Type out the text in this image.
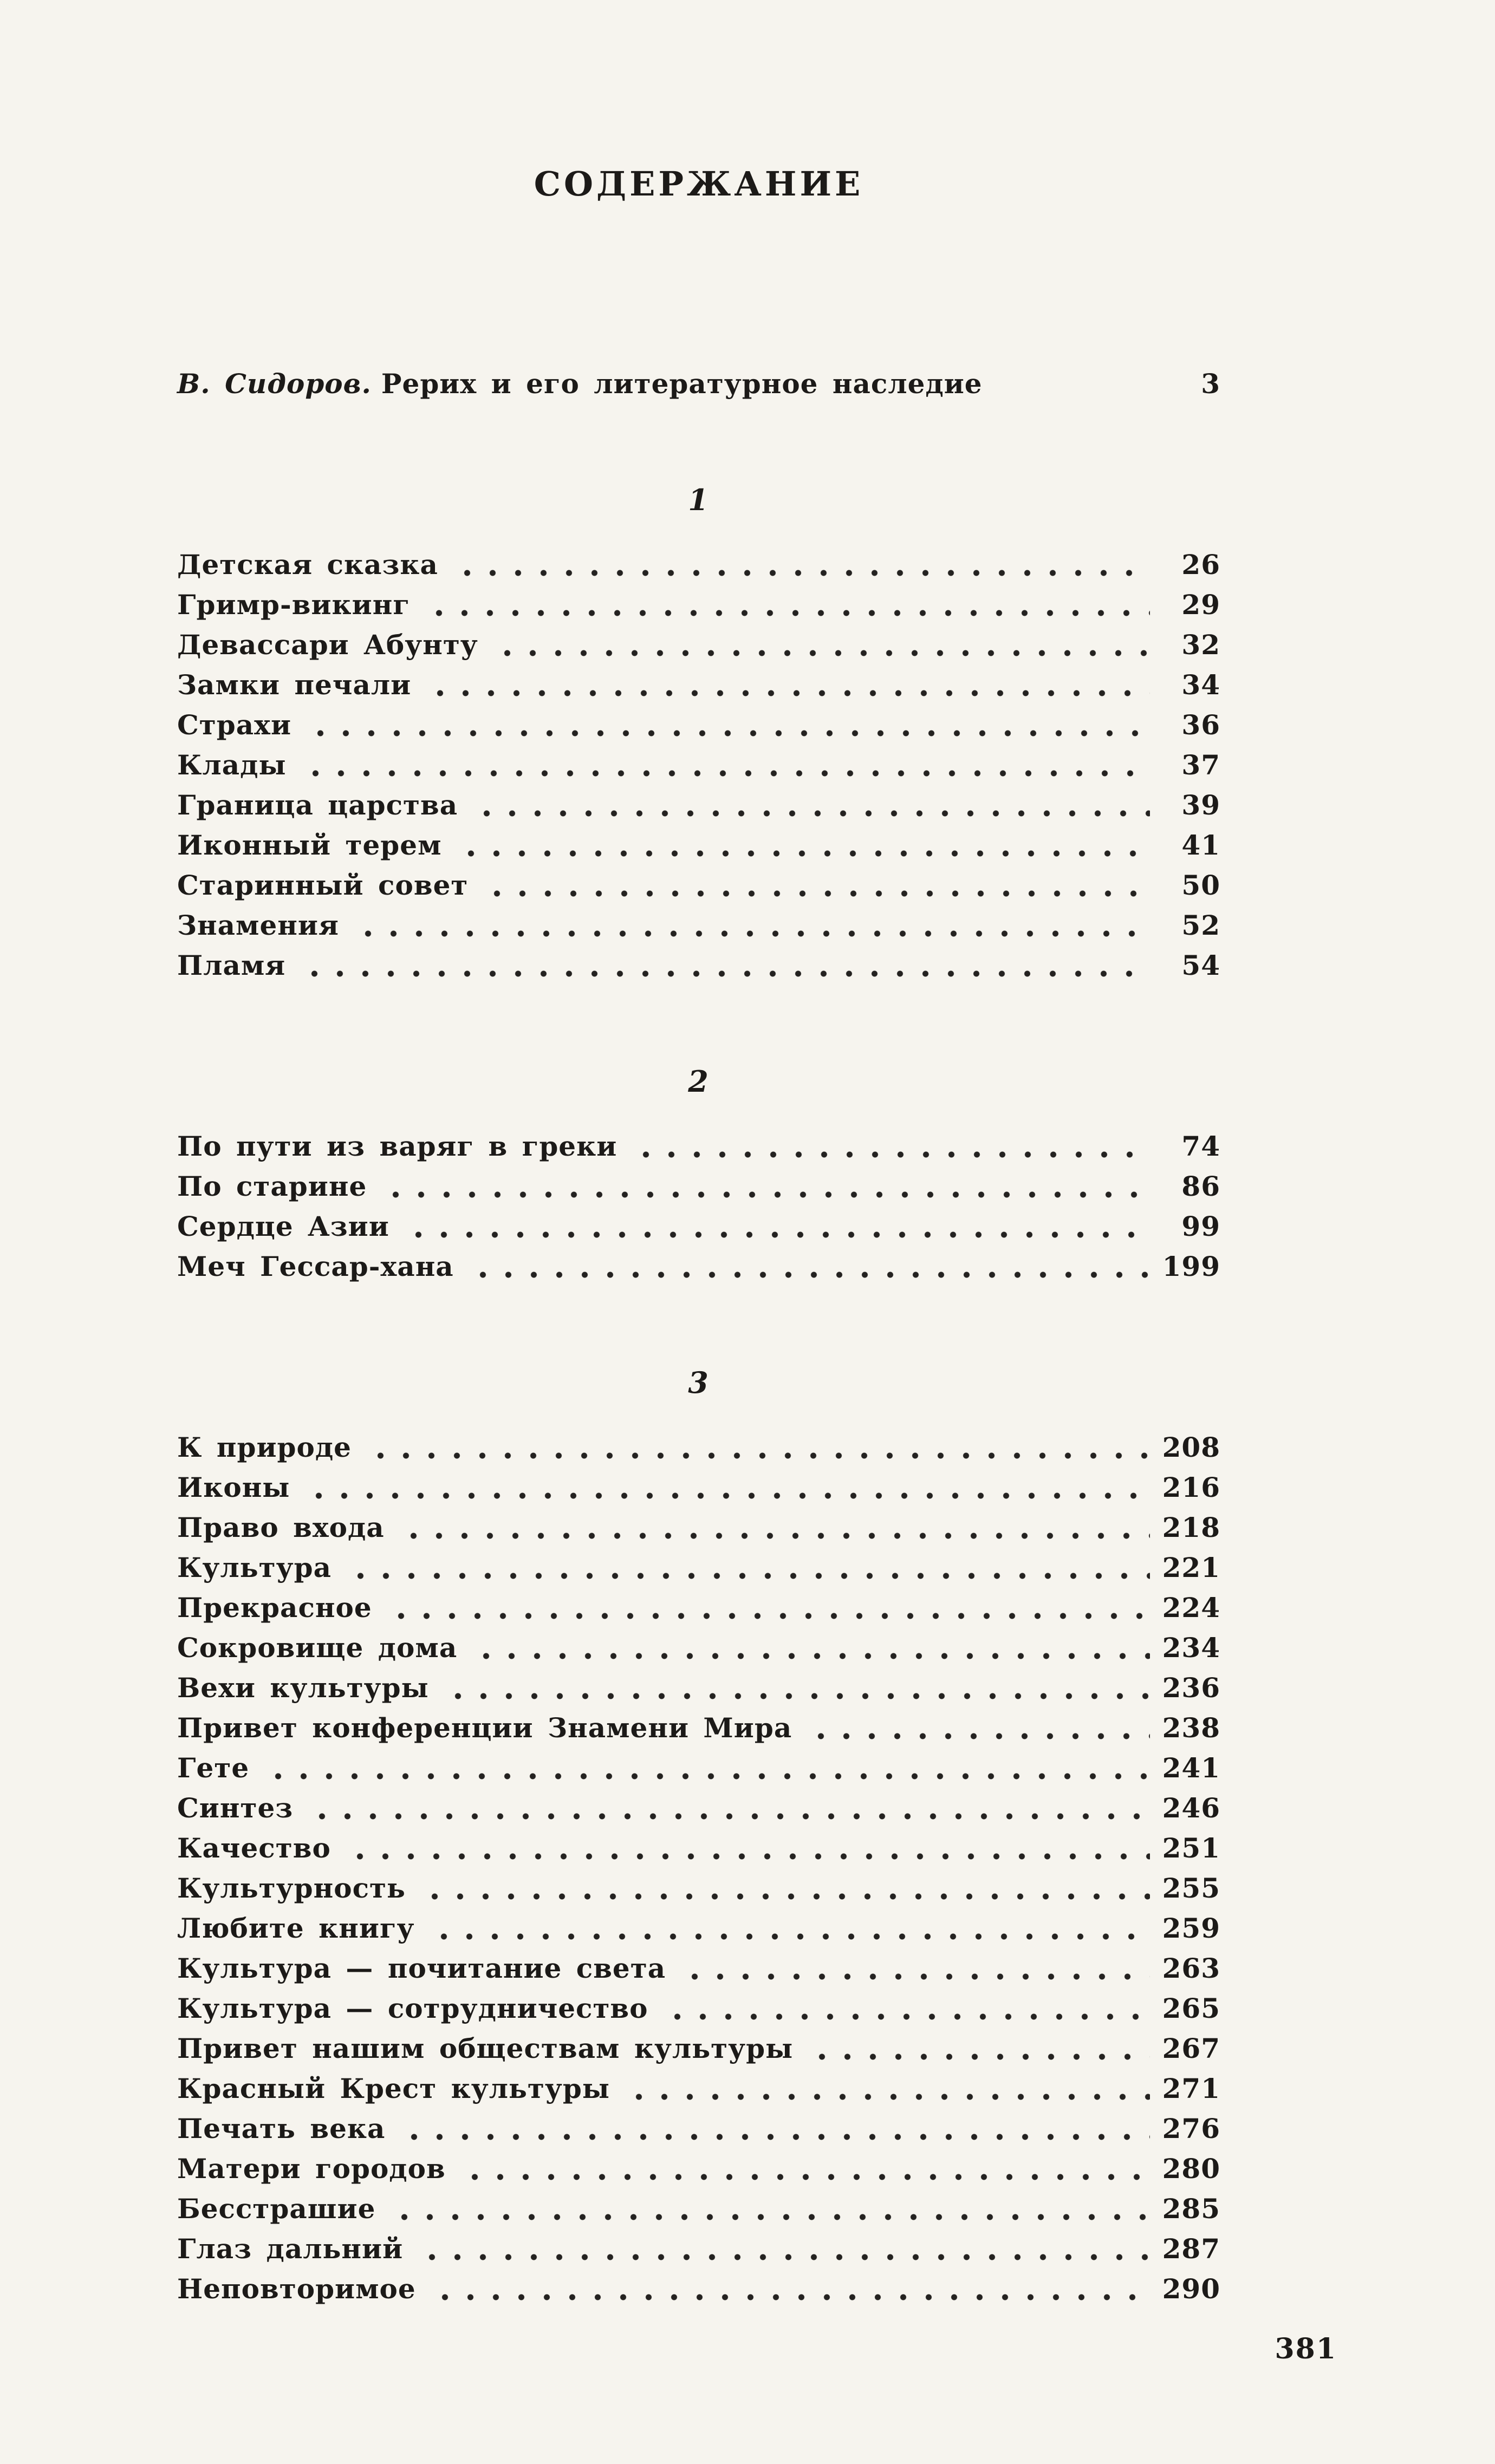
СОДЕРЖАНИЕ
В. Сидоров. Рерих и его литературное наследие	3
1
Детская сказка	26
Гримр-викинг	29
Девассари Абунту	32
Замки печали	34
Страхи	36
Клады	37
Граница царства	39
Иконный терем	41
Старинный совет	50
Знамения	52
Пламя	54
2
По пути из варяг в греки	74
По старине	86
Сердце Азии	99
Меч Гессар-хана	199
3
К природе	208
Иконы	216
Право входа	218
Культура	221
Прекрасное	224
Сокровище дома	234
Вехи культуры	236
Привет конференции Знамени Мира	238
Гете	241
Синтез	246
Качество	251
Культурность	255
Любите книгу	259
Культура — почитание света	263
Культура — сотрудничество	265
Привет нашим обществам культуры	267
Красный Крест культуры	271
Печать века	276
Матери городов	280
Бесстрашие	285
Глаз дальний	287
Неповторимое	290
381
